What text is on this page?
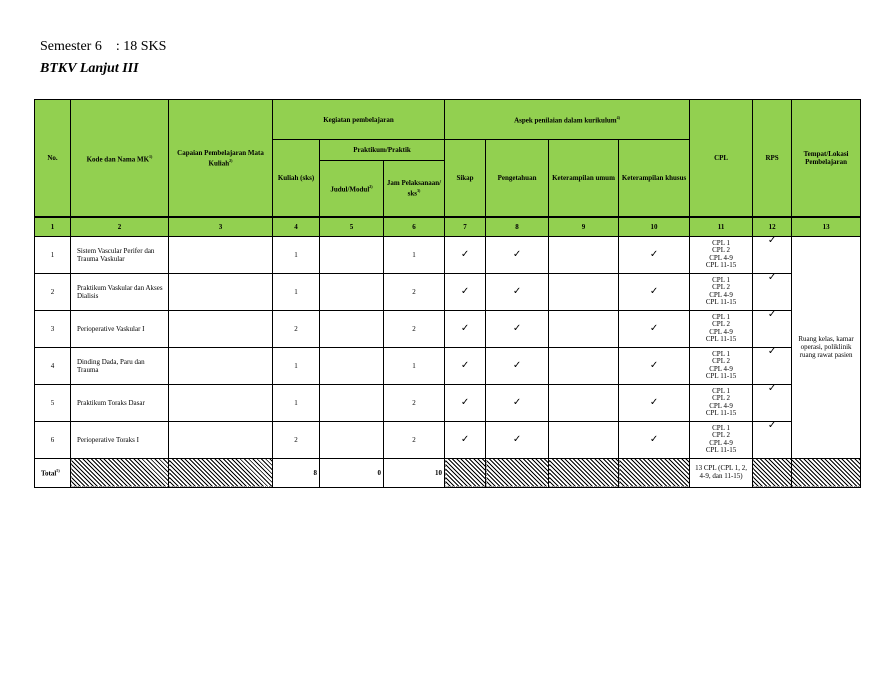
Semester 6 : 18 SKS
BTKV Lanjut III
No.	Kode dan Nama MK$^{1)}$	Capaian Pembelajaran Mata Kuliah$^{2)}$	Kegiatan pembelajaran			Aspek penilaian dalam kurikulum$^{4)}$				CPL	RPS	Tempat/Lokasi Pembelajaran
			Kuliah (sks)	Praktikum/Praktik		Sikap	Pengetahuan	Keterampilan umum	Keterampilan khusus			
				Judul/Modul$^{2)}$	Jam Pelaksanaan/ sks$^{3)}$
1	2	3	4	5	6	7	8	9	10	11	12	13
1	Sistem Vascular Perifer dan Trauma Vaskular		1		1	✓	✓		✓	CPL 1
CPL 2
CPL 4-9
CPL 11-15	✓	Ruang kelas, kamar operasi, poliklinik ruang rawat pasien
2	Praktikum Vaskular dan Akses Dialisis		1		2	✓	✓		✓	CPL 1
CPL 2
CPL 4-9
CPL 11-15	✓	
3	Perioperative Vaskular I		2		2	✓	✓		✓	CPL 1
CPL 2
CPL 4-9
CPL 11-15	✓	
4	Dinding Dada, Paru dan Trauma		1		1	✓	✓		✓	CPL 1
CPL 2
CPL 4-9
CPL 11-15	✓	
5	Praktikum Toraks Dasar		1		2	✓	✓		✓	CPL 1
CPL 2
CPL 4-9
CPL 11-15	✓	
6	Perioperative Toraks I		2		2	✓	✓		✓	CPL 1
CPL 2
CPL 4-9
CPL 11-15	✓	
Total$^{5)}$			8	0	10					13 CPL (CPL 1, 2, 4-9, dan 11-15)		
